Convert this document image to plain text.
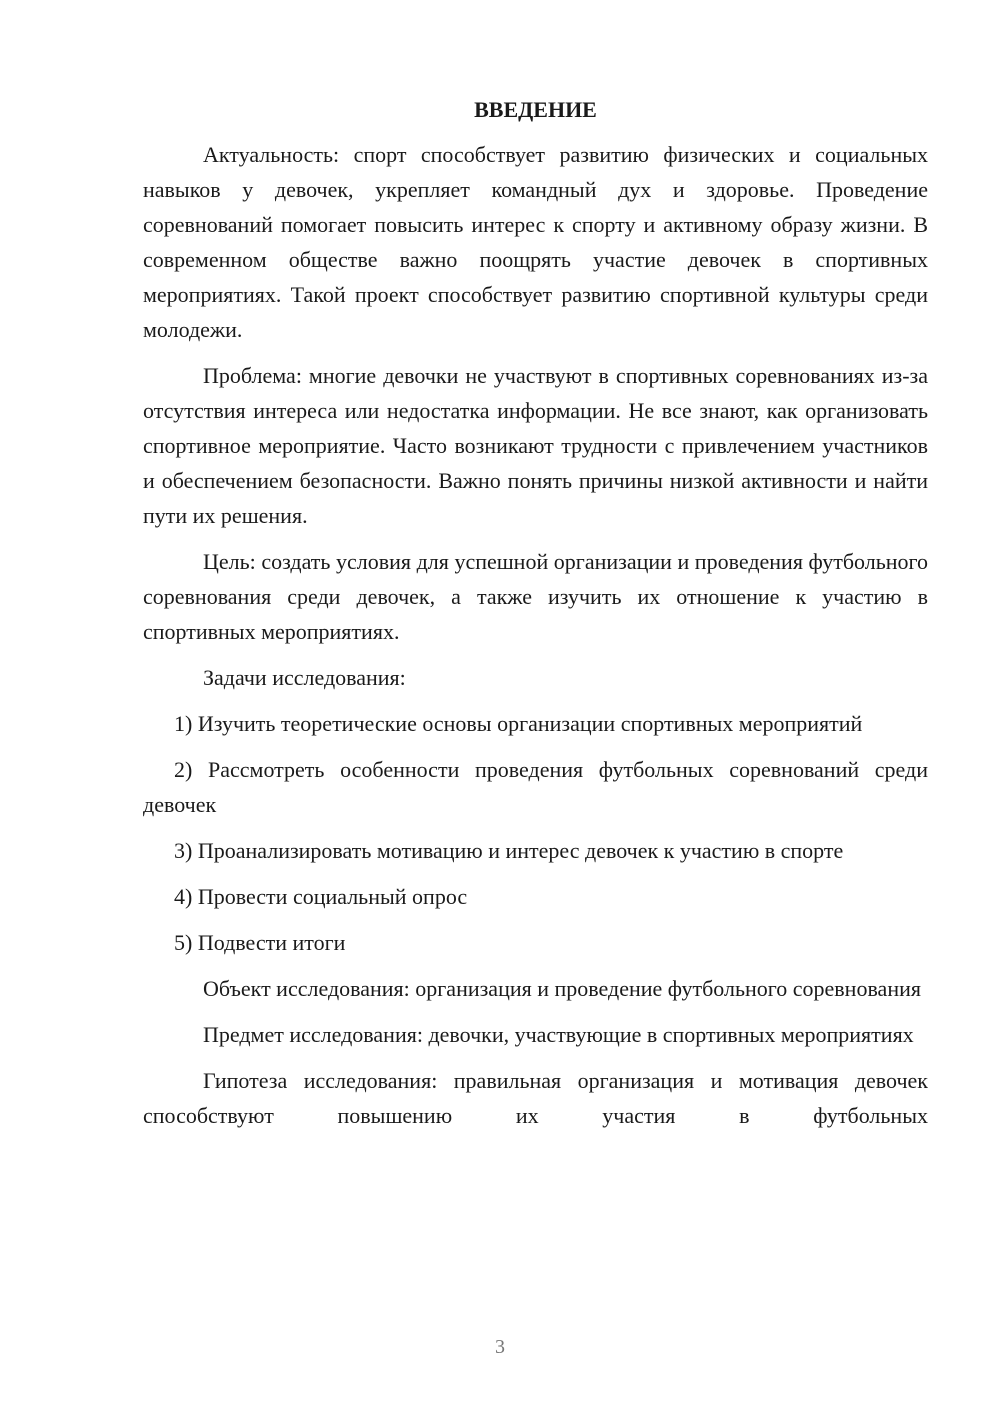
ВВЕДЕНИЕ
Актуальность: спорт способствует развитию физических и социальных навыков у девочек, укрепляет командный дух и здоровье. Проведение соревнований помогает повысить интерес к спорту и активному образу жизни. В современном обществе важно поощрять участие девочек в спортивных мероприятиях. Такой проект способствует развитию спортивной культуры среди молодежи.
Проблема: многие девочки не участвуют в спортивных соревнованиях из-за отсутствия интереса или недостатка информации. Не все знают, как организовать спортивное мероприятие. Часто возникают трудности с привлечением участников и обеспечением безопасности. Важно понять причины низкой активности и найти пути их решения.
Цель: создать условия для успешной организации и проведения футбольного соревнования среди девочек, а также изучить их отношение к участию в спортивных мероприятиях.
Задачи исследования:
1) Изучить теоретические основы организации спортивных мероприятий
2) Рассмотреть особенности проведения футбольных соревнований среди девочек
3) Проанализировать мотивацию и интерес девочек к участию в спорте
4) Провести социальный опрос
5) Подвести итоги
Объект исследования: организация и проведение футбольного соревнования
Предмет исследования: девочки, участвующие в спортивных мероприятиях
Гипотеза исследования: правильная организация и мотивация девочек способствуют повышению их участия в футбольных
3
